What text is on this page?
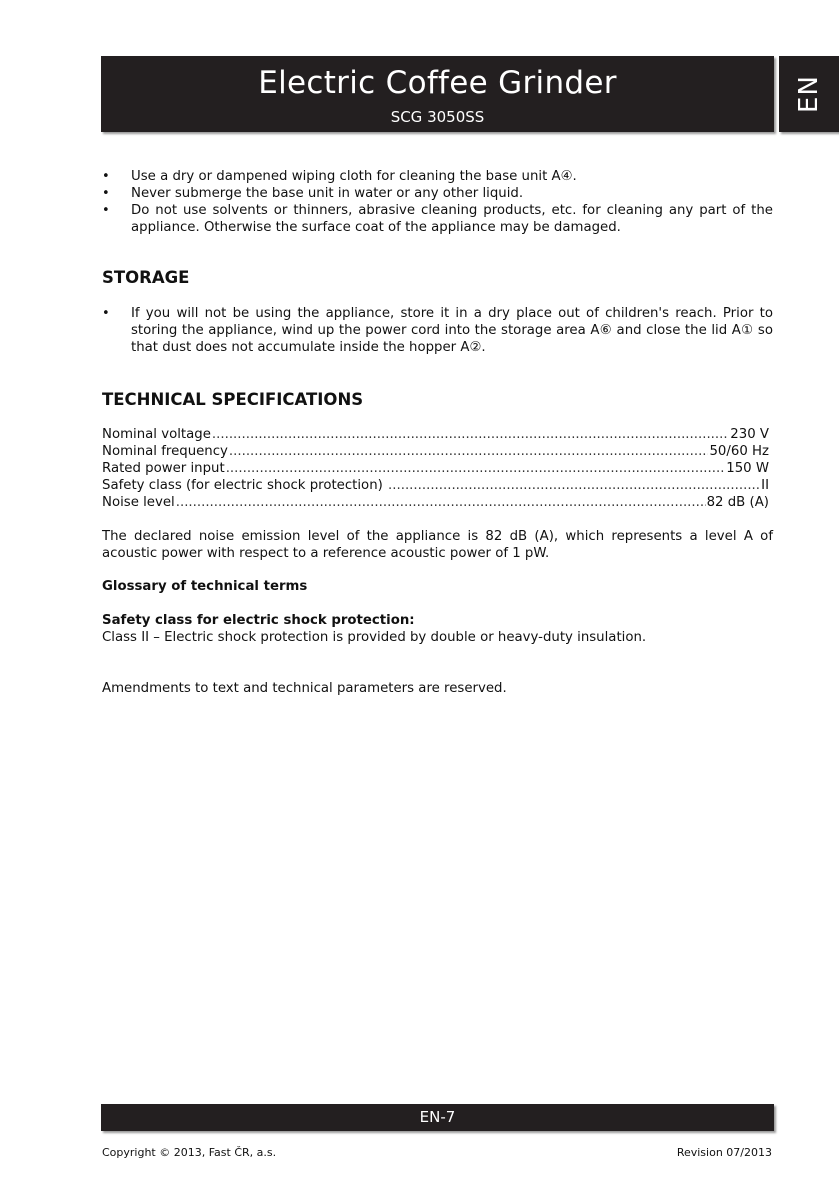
Electric Coffee Grinder
SCG 3050SS
EN
• Use a dry or dampened wiping cloth for cleaning the base unit A④.
• Never submerge the base unit in water or any other liquid.
• Do not use solvents or thinners, abrasive cleaning products, etc. for cleaning any part of the appliance. Otherwise the surface coat of the appliance may be damaged.
STORAGE
• If you will not be using the appliance, store it in a dry place out of children's reach. Prior to storing the appliance, wind up the power cord into the storage area A⑥ and close the lid A① so that dust does not accumulate inside the hopper A②.
TECHNICAL SPECIFICATIONS
Nominal voltage .....	230 V
Nominal frequency .....	50/60 Hz
Rated power input .....	150 W
Safety class (for electric shock protection) .....	II
Noise level .....	82 dB (A)

The declared noise emission level of the appliance is 82 dB (A), which represents a level A of acoustic power with respect to a reference acoustic power of 1 pW.

Glossary of technical terms

Safety class for electric shock protection:

Class II – Electric shock protection is provided by double or heavy-duty insulation.

Amendments to text and technical parameters are reserved.

EN-7
Copyright © 2013, Fast ČR, a.s.	Revision 07/2013
